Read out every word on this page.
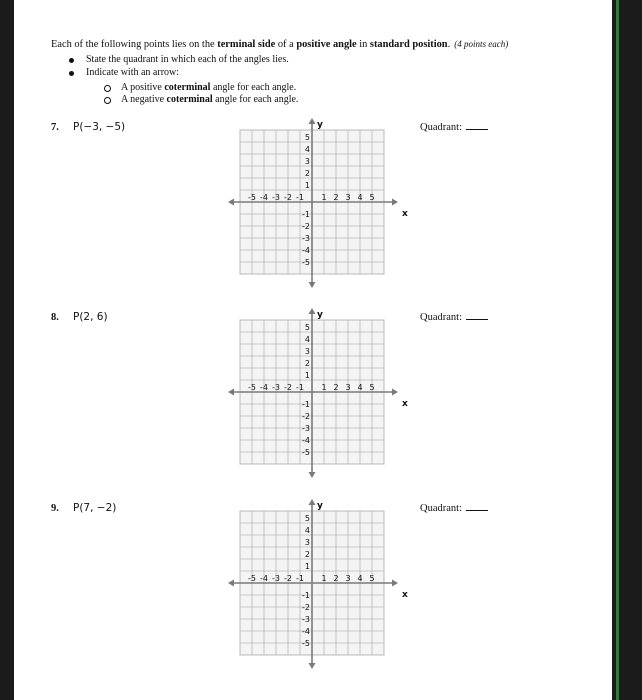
Each of the following points lies on the terminal side of a positive angle in standard position. (4 points each)
State the quadrant in which each of the angles lies.
Indicate with an arrow:
A positive coterminal angle for each angle.
A negative coterminal angle for each angle.
7. P(−3, −5)	Quadrant:
-5 -4 -3 -2 -1 1 2 3 4 5
5
4
3
2
1
-1
-2
-3
-4
-5
x
y
8. P(2, 6)	Quadrant:
-5 -4 -3 -2 -1 1 2 3 4 5
5
4
3
2
1
-1
-2
-3
-4
-5
x
y
9. P(7, −2)	Quadrant:
-5 -4 -3 -2 -1 1 2 3 4 5
5
4
3
2
1
-1
-2
-3
-4
-5
x
y
